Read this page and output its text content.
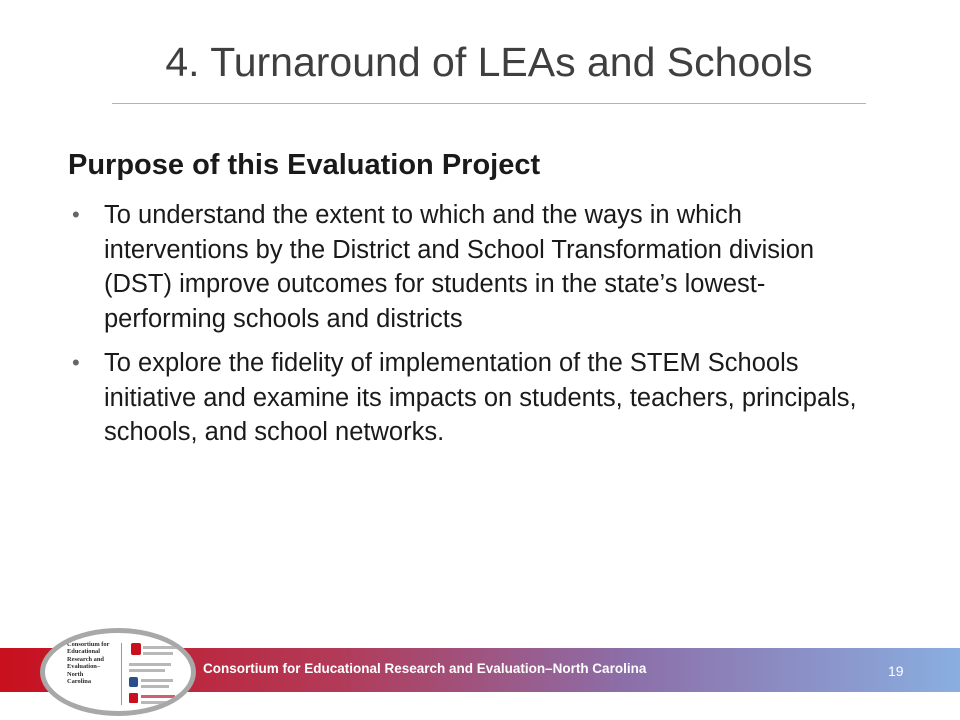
4. Turnaround of LEAs and Schools
Purpose of this Evaluation Project
• To understand the extent to which and the ways in which interventions by the District and School Transformation division (DST) improve outcomes for students in the state’s lowest-performing schools and districts
• To explore the fidelity of implementation of the STEM Schools initiative and examine its impacts on students, teachers, principals, schools, and school networks.
Consortium for Educational Research and Evaluation–North Carolina	19
Consortium for
Educational
Research and
Evaluation–
North
Carolina
